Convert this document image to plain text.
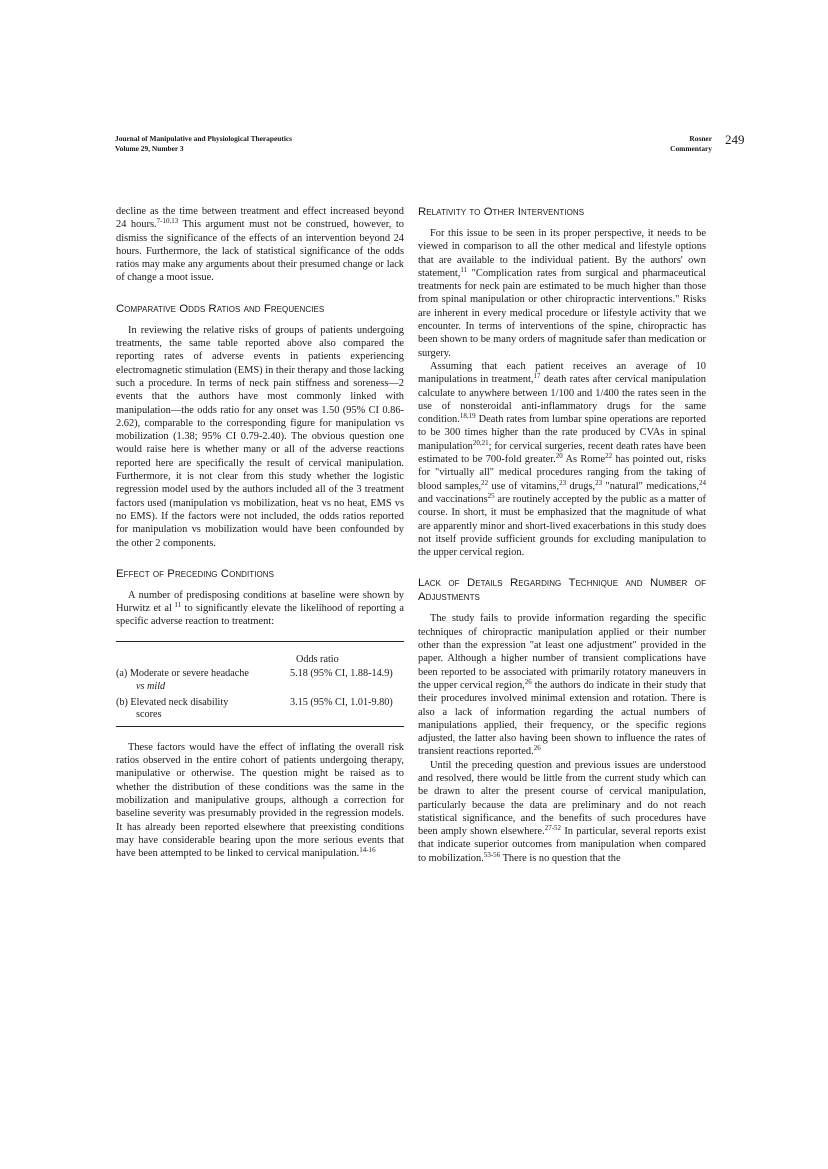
Journal of Manipulative and Physiological Therapeutics
Volume 29, Number 3
Rosner
Commentary
249

decline as the time between treatment and effect increased beyond 24 hours.$^{7-10,13}$ This argument must not be construed, however, to dismiss the significance of the effects of an intervention beyond 24 hours. Furthermore, the lack of statistical significance of the odds ratios may make any arguments about their presumed change or lack of change a moot issue.

Comparative Odds Ratios and Frequencies

In reviewing the relative risks of groups of patients undergoing treatments, the same table reported above also compared the reporting rates of adverse events in patients experiencing electromagnetic stimulation (EMS) in their therapy and those lacking such a procedure. In terms of neck pain stiffness and soreness—2 events that the authors have most commonly linked with manipulation—the odds ratio for any onset was 1.50 (95% CI 0.86-2.62), comparable to the corresponding figure for manipulation vs mobilization (1.38; 95% CI 0.79-2.40). The obvious question one would raise here is whether many or all of the adverse reactions reported here are specifically the result of cervical manipulation. Furthermore, it is not clear from this study whether the logistic regression model used by the authors included all of the 3 treatment factors used (manipulation vs mobilization, heat vs no heat, EMS vs no EMS). If the factors were not included, the odds ratios reported for manipulation vs mobilization would have been confounded by the other 2 components.

Effect of Preceding Conditions

A number of predisposing conditions at baseline were shown by Hurwitz et al $^{11}$ to significantly elevate the likelihood of reporting a specific adverse reaction to treatment:

	Odds ratio

(a) Moderate or severe headache	5.18 (95% CI, 1.88-14.9)
vs mild	

(b) Elevated neck disability	3.15 (95% CI, 1.01-9.80)
scores	

These factors would have the effect of inflating the overall risk ratios observed in the entire cohort of patients undergoing therapy, manipulative or otherwise. The question might be raised as to whether the distribution of these conditions was the same in the mobilization and manipulative groups, although a correction for baseline severity was presumably provided in the regression models. It has already been reported elsewhere that preexisting conditions may have considerable bearing upon the more serious events that have been attempted to be linked to cervical manipulation.$^{14-16}$

Relativity to Other Interventions

For this issue to be seen in its proper perspective, it needs to be viewed in comparison to all the other medical and lifestyle options that are available to the individual patient. By the authors' own statement,$^{11}$ "Complication rates from surgical and pharmaceutical treatments for neck pain are estimated to be much higher than those from spinal manipulation or other chiropractic interventions." Risks are inherent in every medical procedure or lifestyle activity that we encounter. In terms of interventions of the spine, chiropractic has been shown to be many orders of magnitude safer than medication or surgery.

Assuming that each patient receives an average of 10 manipulations in treatment,$^{17}$ death rates after cervical manipulation calculate to anywhere between 1/100 and 1/400 the rates seen in the use of nonsteroidal anti-inflammatory drugs for the same condition.$^{18,19}$ Death rates from lumbar spine operations are reported to be 300 times higher than the rate produced by CVAs in spinal manipulation$^{20,21}$; for cervical surgeries, recent death rates have been estimated to be 700-fold greater.$^{20}$ As Rome$^{22}$ has pointed out, risks for "virtually all" medical procedures ranging from the taking of blood samples,$^{22}$ use of vitamins,$^{23}$ drugs,$^{23}$ "natural" medications,$^{24}$ and vaccinations$^{25}$ are routinely accepted by the public as a matter of course. In short, it must be emphasized that the magnitude of what are apparently minor and short-lived exacerbations in this study does not itself provide sufficient grounds for excluding manipulation to the upper cervical region.

Lack of Details Regarding Technique and Number of Adjustments

The study fails to provide information regarding the specific techniques of chiropractic manipulation applied or their number other than the expression "at least one adjustment" provided in the paper. Although a higher number of transient complications have been reported to be associated with primarily rotatory maneuvers in the upper cervical region,$^{26}$ the authors do indicate in their study that their procedures involved minimal extension and rotation. There is also a lack of information regarding the actual numbers of manipulations applied, their frequency, or the specific regions adjusted, the latter also having been shown to influence the rates of transient reactions reported.$^{26}$

Until the preceding question and previous issues are understood and resolved, there would be little from the current study which can be drawn to alter the present course of cervical manipulation, particularly because the data are preliminary and do not reach statistical significance, and the benefits of such procedures have been amply shown elsewhere.$^{27-52}$ In particular, several reports exist that indicate superior outcomes from manipulation when compared to mobilization.$^{53-56}$ There is no question that the
